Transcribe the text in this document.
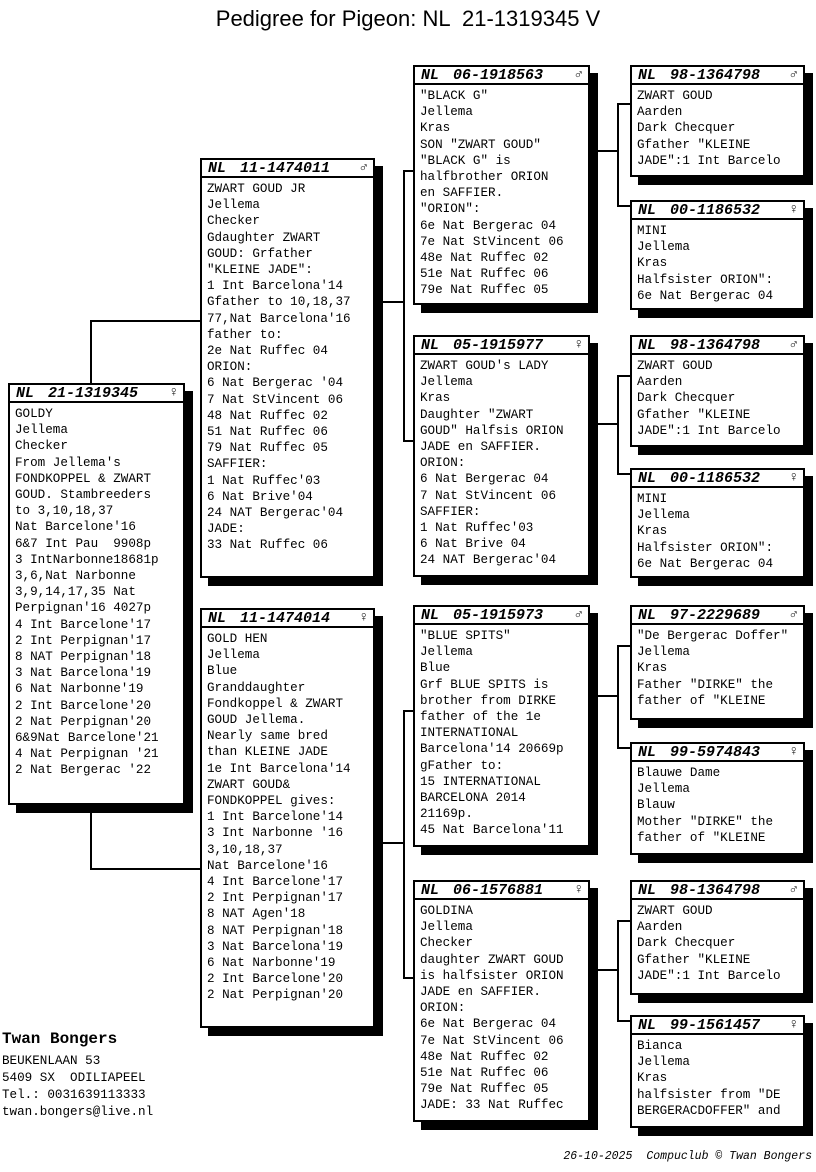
Pedigree for Pigeon: NL  21-1319345 V
NL 21-1319345	♀
GOLDY
Jellema
Checker
From Jellema's
FONDKOPPEL & ZWART
GOUD. Stambreeders
to 3,10,18,37
Nat Barcelone'16
6&7 Int Pau  9908p
3 IntNarbonne18681p
3,6,Nat Narbonne
3,9,14,17,35 Nat
Perpignan'16 4027p
4 Int Barcelone'17
2 Int Perpignan'17
8 NAT Perpignan'18
3 Nat Barcelona'19
6 Nat Narbonne'19
2 Int Barcelone'20
2 Nat Perpignan'20
6&9Nat Barcelone'21
4 Nat Perpignan '21
2 Nat Bergerac '22
NL 11-1474011	♂
ZWART GOUD JR
Jellema
Checker
Gdaughter ZWART
GOUD: Grfather
"KLEINE JADE":
1 Int Barcelona'14
Gfather to 10,18,37
77,Nat Barcelona'16
father to:
2e Nat Ruffec 04
ORION:
6 Nat Bergerac '04
7 Nat StVincent 06
48 Nat Ruffec 02
51 Nat Ruffec 06
79 Nat Ruffec 05
SAFFIER:
1 Nat Ruffec'03
6 Nat Brive'04
24 NAT Bergerac'04
JADE:
33 Nat Ruffec 06
NL 11-1474014	♀
GOLD HEN
Jellema
Blue
Granddaughter
Fondkoppel & ZWART
GOUD Jellema.
Nearly same bred
than KLEINE JADE
1e Int Barcelona'14
ZWART GOUD&
FONDKOPPEL gives:
1 Int Barcelone'14
3 Int Narbonne '16
3,10,18,37
Nat Barcelone'16
4 Int Barcelone'17
2 Int Perpignan'17
8 NAT Agen'18
8 NAT Perpignan'18
3 Nat Barcelona'19
6 Nat Narbonne'19
2 Int Barcelone'20
2 Nat Perpignan'20
NL 06-1918563	♂
"BLACK G"
Jellema
Kras
SON "ZWART GOUD"
"BLACK G" is
halfbrother ORION
en SAFFIER.
"ORION":
6e Nat Bergerac 04
7e Nat StVincent 06
48e Nat Ruffec 02
51e Nat Ruffec 06
79e Nat Ruffec 05
NL 05-1915977	♀
ZWART GOUD's LADY
Jellema
Kras
Daughter "ZWART
GOUD" Halfsis ORION
JADE en SAFFIER.
ORION:
6 Nat Bergerac 04
7 Nat StVincent 06
SAFFIER:
1 Nat Ruffec'03
6 Nat Brive 04
24 NAT Bergerac'04
NL 05-1915973	♂
"BLUE SPITS"
Jellema
Blue
Grf BLUE SPITS is
brother from DIRKE
father of the 1e
INTERNATIONAL
Barcelona'14 20669p
gFather to:
15 INTERNATIONAL
BARCELONA 2014
21169p.
45 Nat Barcelona'11
NL 06-1576881	♀
GOLDINA
Jellema
Checker
daughter ZWART GOUD
is halfsister ORION
JADE en SAFFIER.
ORION:
6e Nat Bergerac 04
7e Nat StVincent 06
48e Nat Ruffec 02
51e Nat Ruffec 06
79e Nat Ruffec 05
JADE: 33 Nat Ruffec
NL 98-1364798	♂
ZWART GOUD
Aarden
Dark Checquer
Gfather "KLEINE
JADE":1 Int Barcelo
NL 00-1186532	♀
MINI
Jellema
Kras
Halfsister ORION":
6e Nat Bergerac 04
NL 98-1364798	♂
ZWART GOUD
Aarden
Dark Checquer
Gfather "KLEINE
JADE":1 Int Barcelo
NL 00-1186532	♀
MINI
Jellema
Kras
Halfsister ORION":
6e Nat Bergerac 04
NL 97-2229689	♂
"De Bergerac Doffer"
Jellema
Kras
Father "DIRKE" the
father of "KLEINE
NL 99-5974843	♀
Blauwe Dame
Jellema
Blauw
Mother "DIRKE" the
father of "KLEINE
NL 98-1364798	♂
ZWART GOUD
Aarden
Dark Checquer
Gfather "KLEINE
JADE":1 Int Barcelo
NL 99-1561457	♀
Bianca
Jellema
Kras
halfsister from "DE
BERGERACDOFFER" and
Twan Bongers
BEUKENLAAN 53
5409 SX  ODILIAPEEL
Tel.: 0031639113333
twan.bongers@live.nl

26-10-2025 Compuclub © Twan Bongers
